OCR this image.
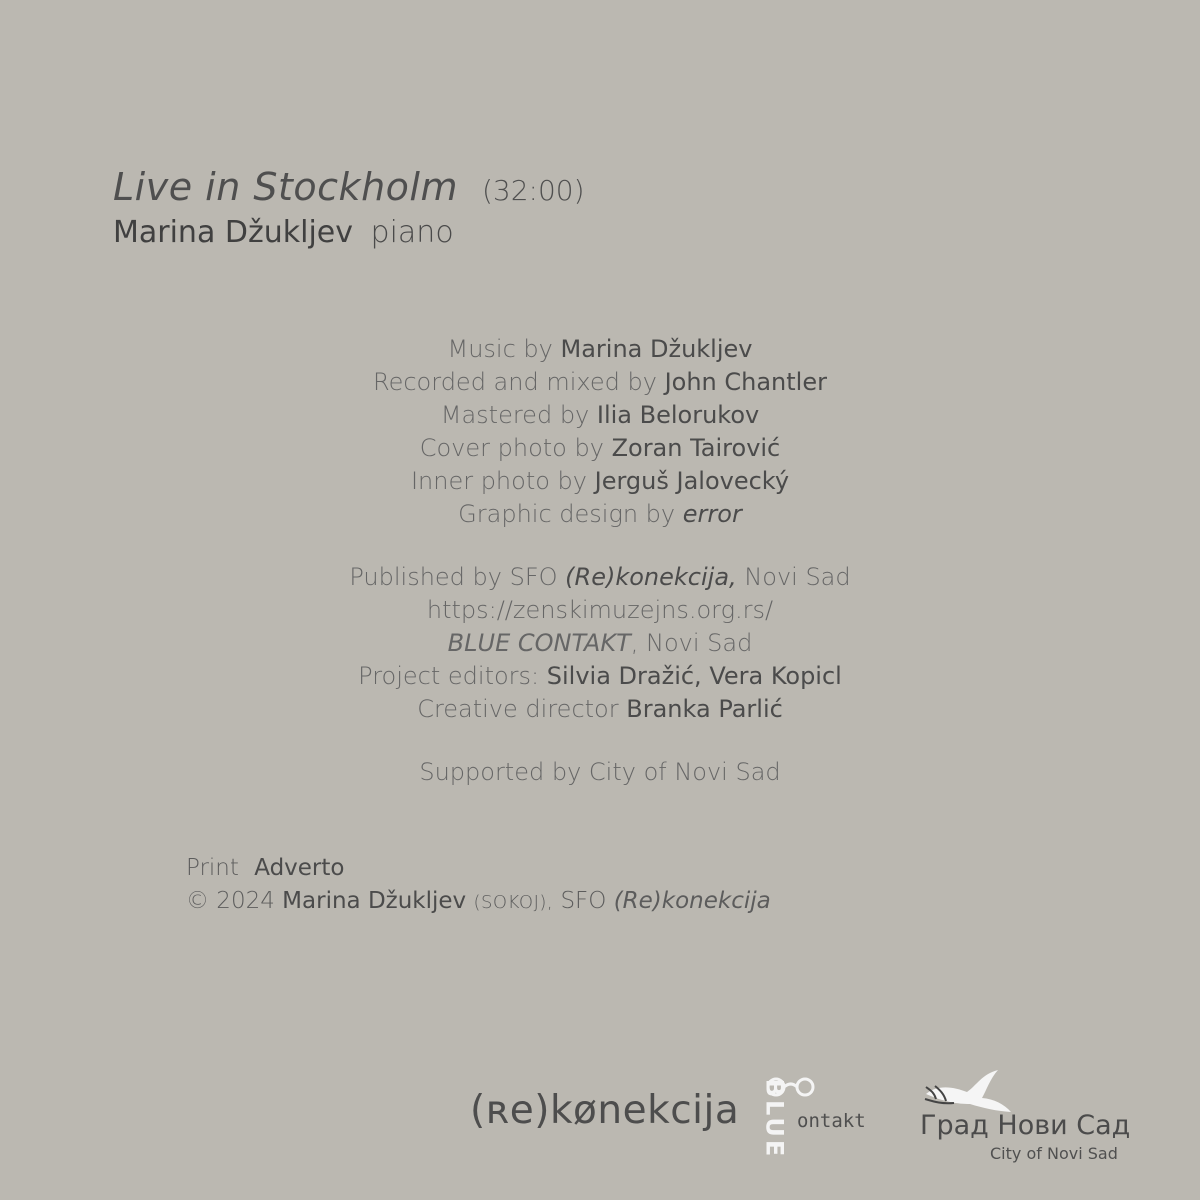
Live in Stockholm (32:00)
Marina Džukljev piano
Music by Marina Džukljev
Recorded and mixed by John Chantler
Mastered by Ilia Belorukov
Cover photo by Zoran Tairović
Inner photo by Jerguš Jalovecký
Graphic design by error
Published by SFO (Re)konekcija, Novi Sad
https://zenskimuzejns.org.rs/
BLUE CONTAKT, Novi Sad
Project editors: Silvia Dražić, Vera Kopicl
Creative director Branka Parlić
Supported by City of Novi Sad
Print Adverto
© 2024 Marina Džukljev (SOKOJ), SFO (Re)konekcija
(ʀe)kønekcija BLUE ontakt Град Нови Сад
City of Novi Sad
